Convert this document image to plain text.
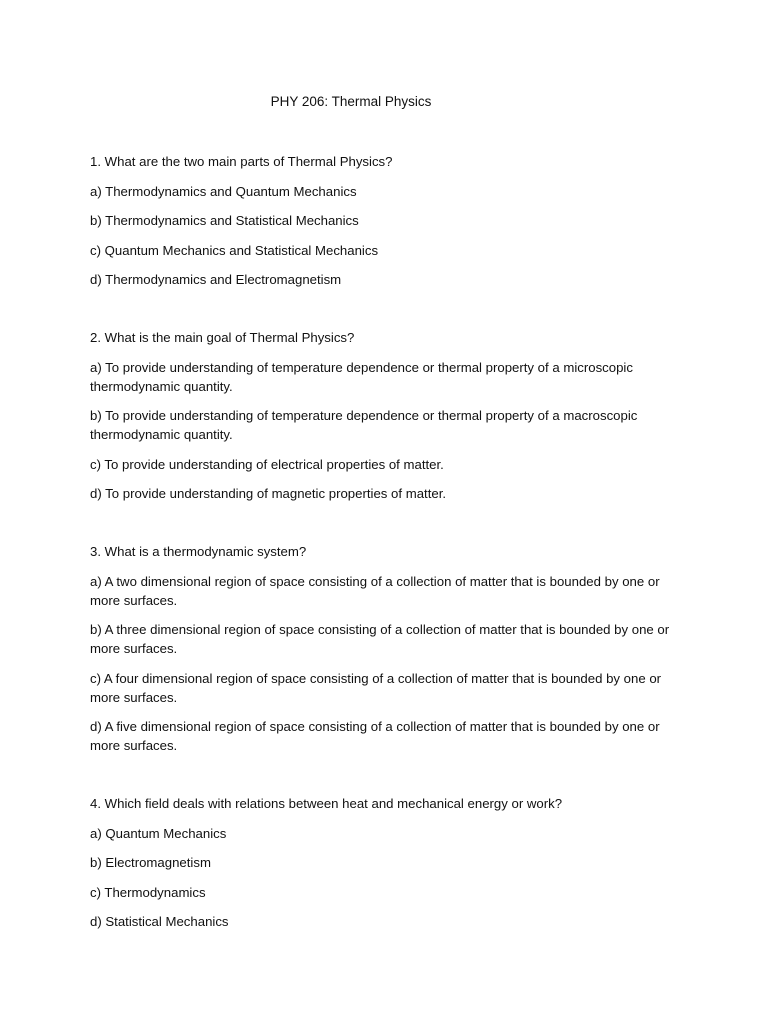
PHY 206: Thermal Physics

1. What are the two main parts of Thermal Physics?

a) Thermodynamics and Quantum Mechanics

b) Thermodynamics and Statistical Mechanics

c) Quantum Mechanics and Statistical Mechanics

d) Thermodynamics and Electromagnetism

2. What is the main goal of Thermal Physics?

a) To provide understanding of temperature dependence or thermal property of a microscopic thermodynamic quantity.

b) To provide understanding of temperature dependence or thermal property of a macroscopic thermodynamic quantity.

c) To provide understanding of electrical properties of matter.

d) To provide understanding of magnetic properties of matter.

3. What is a thermodynamic system?

a) A two dimensional region of space consisting of a collection of matter that is bounded by one or more surfaces.

b) A three dimensional region of space consisting of a collection of matter that is bounded by one or more surfaces.

c) A four dimensional region of space consisting of a collection of matter that is bounded by one or more surfaces.

d) A five dimensional region of space consisting of a collection of matter that is bounded by one or more surfaces.

4. Which field deals with relations between heat and mechanical energy or work?

a) Quantum Mechanics

b) Electromagnetism

c) Thermodynamics

d) Statistical Mechanics
